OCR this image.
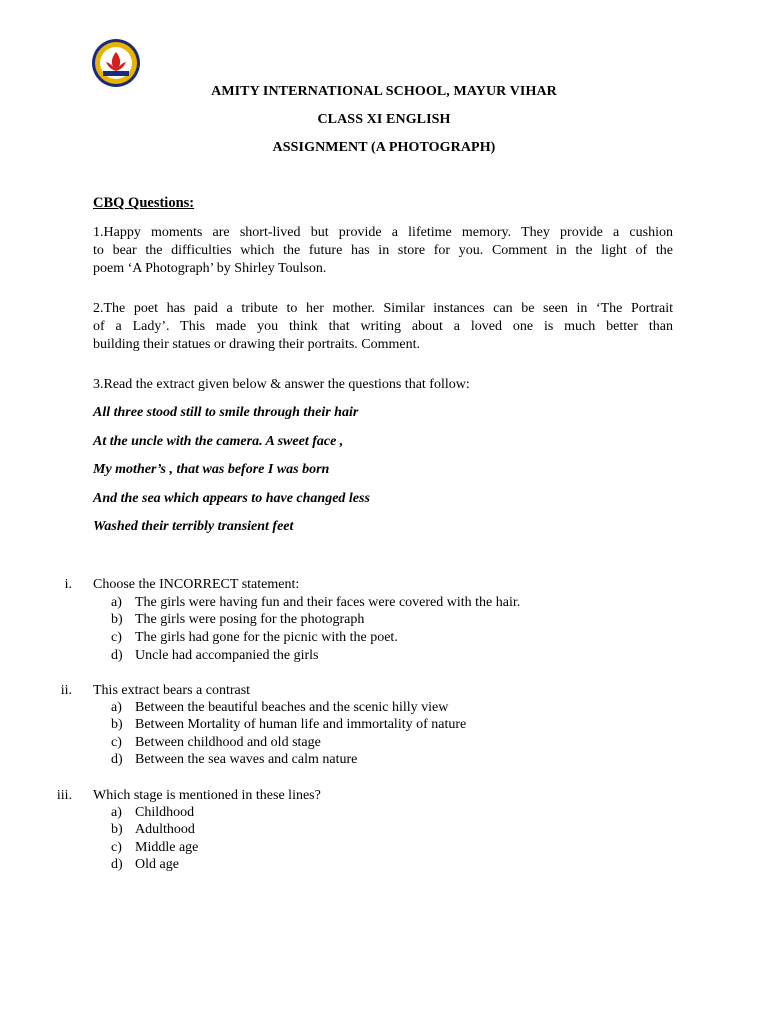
AMITY INTERNATIONAL SCHOOL, MAYUR VIHAR
CLASS XI ENGLISH
ASSIGNMENT (A PHOTOGRAPH)
CBQ Questions:
1.Happy moments are short-lived but provide a lifetime memory. They provide a cushion
to bear the difficulties which the future has in store for you. Comment in the light of the
poem ‘A Photograph’ by Shirley Toulson.
2.The poet has paid a tribute to her mother. Similar instances can be seen in ‘The Portrait
of a Lady’. This made you think that writing about a loved one is much better than
building their statues or drawing their portraits. Comment.
3.Read the extract given below & answer the questions that follow:
All three stood still to smile through their hair
At the uncle with the camera. A sweet face ,
My mother’s , that was before I was born
And the sea which appears to have changed less
Washed their terribly transient feet
i. Choose the INCORRECT statement:
a) The girls were having fun and their faces were covered with the hair.
b) The girls were posing for the photograph
c) The girls had gone for the picnic with the poet.
d) Uncle had accompanied the girls
ii. This extract bears a contrast
a) Between the beautiful beaches and the scenic hilly view
b) Between Mortality of human life and immortality of nature
c) Between childhood and old stage
d) Between the sea waves and calm nature
iii. Which stage is mentioned in these lines?
a) Childhood
b) Adulthood
c) Middle age
d) Old age
